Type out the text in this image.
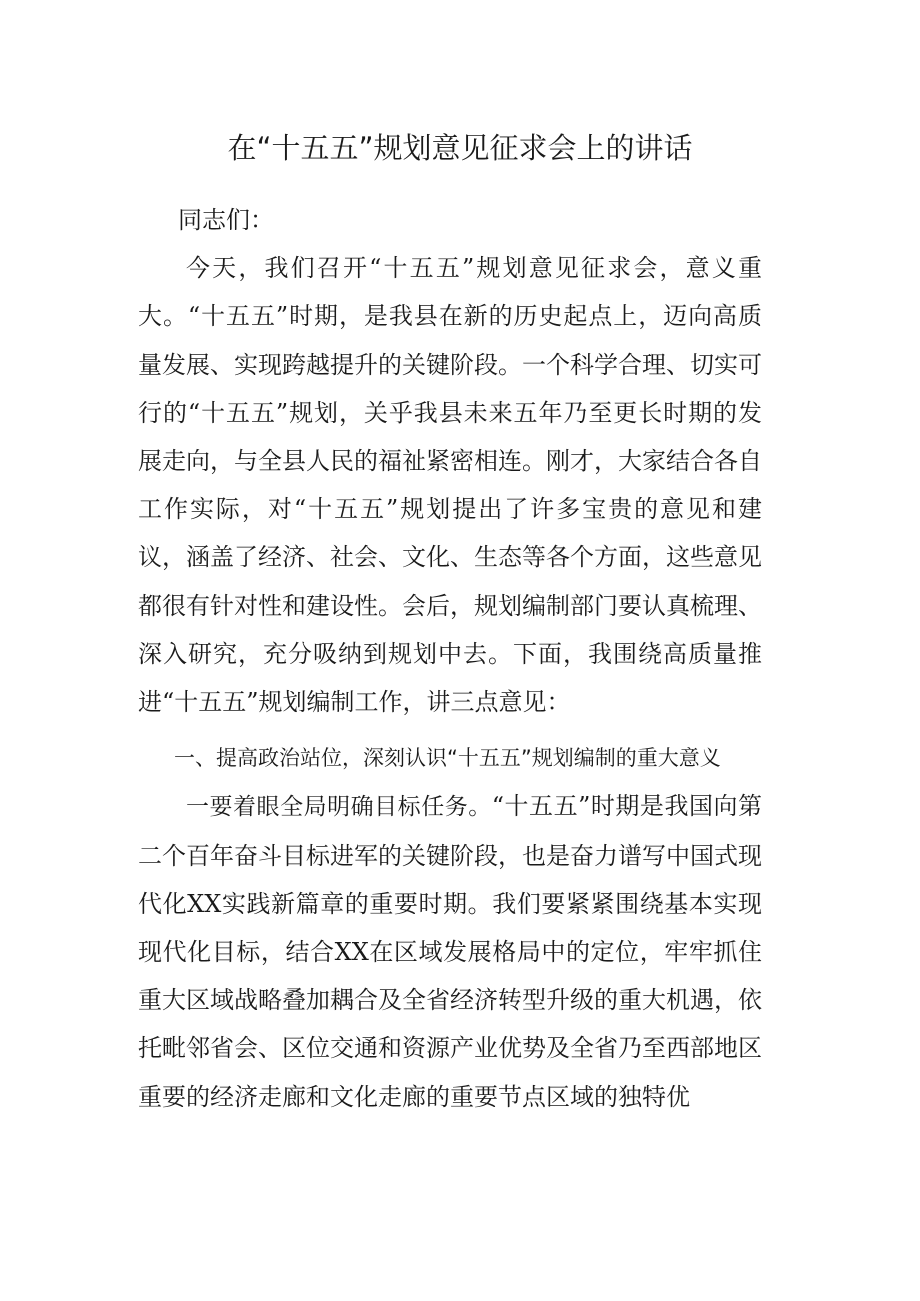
在“十五五”规划意见征求会上的讲话

同志们：

今天，我们召开“十五五”规划意见征求会，意义重大。“十五五”时期，是我县在新的历史起点上，迈向高质量发展、实现跨越提升的关键阶段。一个科学合理、切实可行的“十五五”规划，关乎我县未来五年乃至更长时期的发展走向，与全县人民的福祉紧密相连。刚才，大家结合各自工作实际，对“十五五”规划提出了许多宝贵的意见和建议，涵盖了经济、社会、文化、生态等各个方面，这些意见都很有针对性和建设性。会后，规划编制部门要认真梳理、深入研究，充分吸纳到规划中去。下面，我围绕高质量推进“十五五”规划编制工作，讲三点意见：

一、提高政治站位，深刻认识“十五五”规划编制的重大意义

一要着眼全局明确目标任务。“十五五”时期是我国向第二个百年奋斗目标进军的关键阶段，也是奋力谱写中国式现代化XX实践新篇章的重要时期。我们要紧紧围绕基本实现现代化目标，结合XX在区域发展格局中的定位，牢牢抓住重大区域战略叠加耦合及全省经济转型升级的重大机遇，依托毗邻省会、区位交通和资源产业优势及全省乃至西部地区重要的经济走廊和文化走廊的重要节点区域的独特优
